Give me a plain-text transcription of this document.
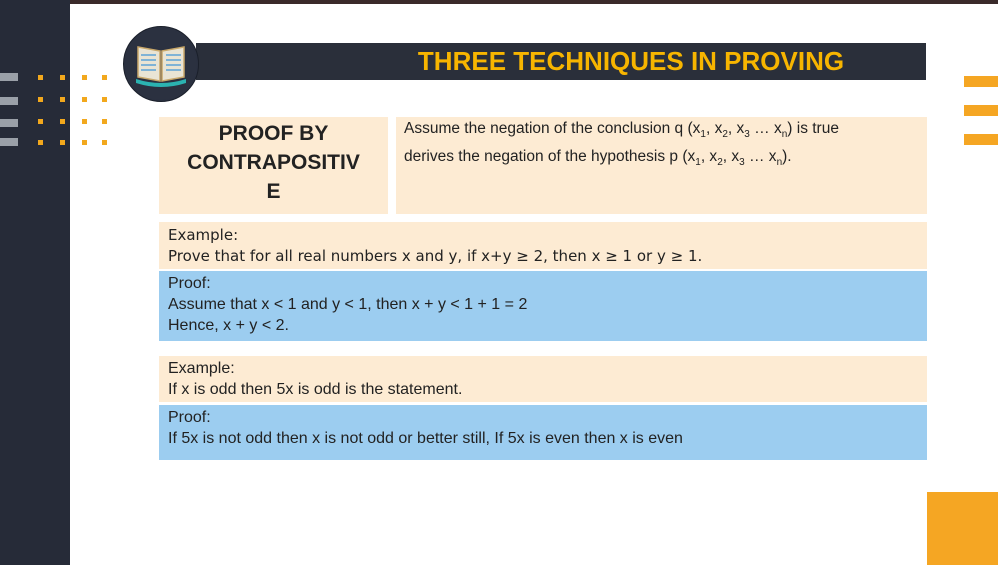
THREE TECHNIQUES IN PROVING
PROOF BY
CONTRAPOSITIV
E
Assume the negation of the conclusion q ($x_1$, $x_2$, $x_3$ … $x_n$) is true
derives the negation of the hypothesis p ($x_1$, $x_2$, $x_3$ … $x_n$).
Example:
Prove that for all real numbers x and y, if x+y ≥ 2, then x ≥ 1 or y ≥ 1.
Proof:
Assume that x < 1 and y < 1, then x + y < 1 + 1 = 2
Hence, x + y < 2.
Example:
If x is odd then 5x is odd is the statement.
Proof:
If 5x is not odd then x is not odd or better still, If 5x is even then x is even
